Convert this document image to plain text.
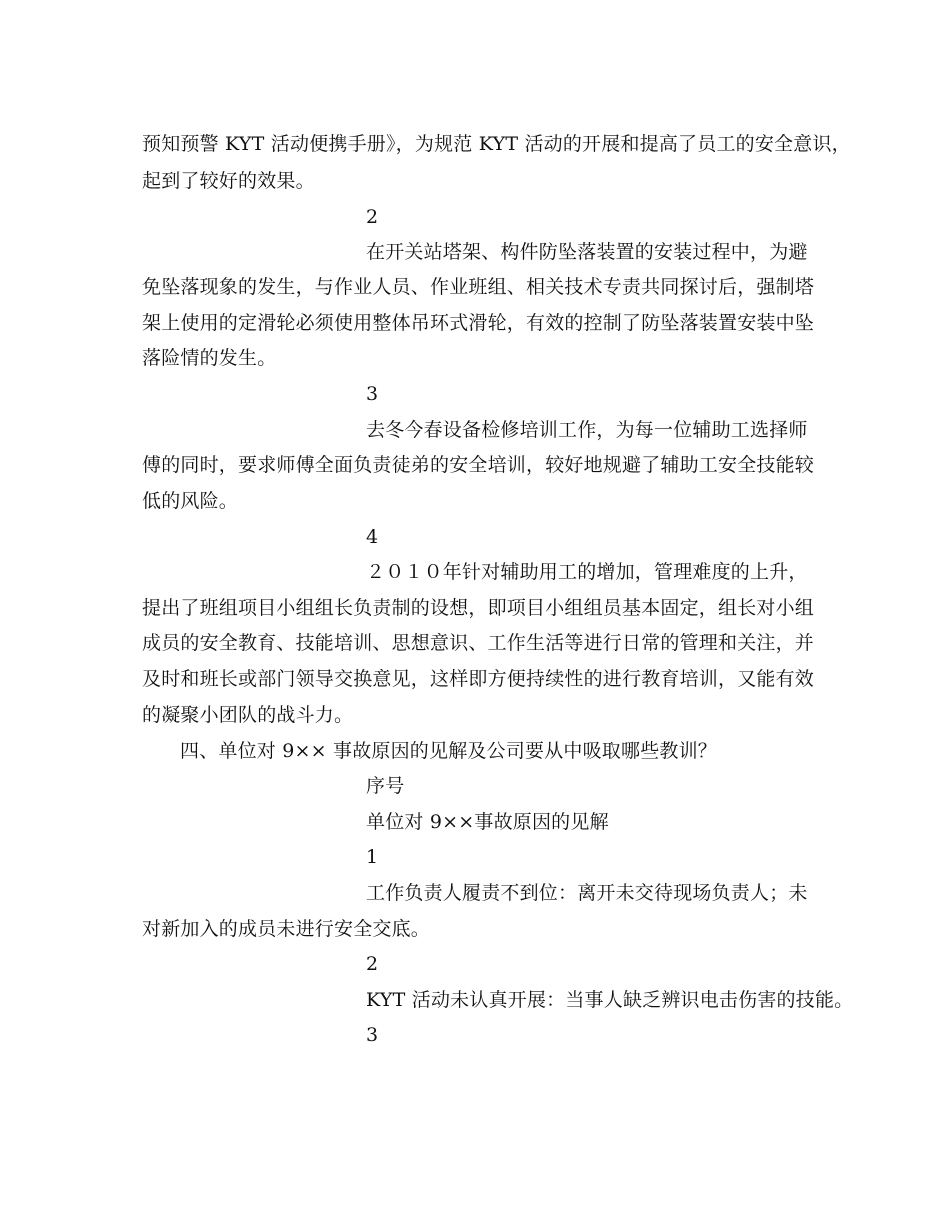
预知预警 KYT 活动便携手册》，为规范 KYT 活动的开展和提高了员工的安全意识，
起到了较好的效果。
2
在开关站塔架、构件防坠落装置的安装过程中，为避
免坠落现象的发生，与作业人员、作业班组、相关技术专责共同探讨后，强制塔
架上使用的定滑轮必须使用整体吊环式滑轮，有效的控制了防坠落装置安装中坠
落险情的发生。
3
去冬今春设备检修培训工作，为每一位辅助工选择师
傅的同时，要求师傅全面负责徒弟的安全培训，较好地规避了辅助工安全技能较
低的风险。
4
２０１０年针对辅助用工的增加，管理难度的上升，
提出了班组项目小组组长负责制的设想，即项目小组组员基本固定，组长对小组
成员的安全教育、技能培训、思想意识、工作生活等进行日常的管理和关注，并
及时和班长或部门领导交换意见，这样即方便持续性的进行教育培训，又能有效
的凝聚小团队的战斗力。
四、单位对 9×× 事故原因的见解及公司要从中吸取哪些教训？
序号
单位对 9××事故原因的见解
1
工作负责人履责不到位：离开未交待现场负责人；未
对新加入的成员未进行安全交底。
2
KYT 活动未认真开展：当事人缺乏辨识电击伤害的技能。
3
